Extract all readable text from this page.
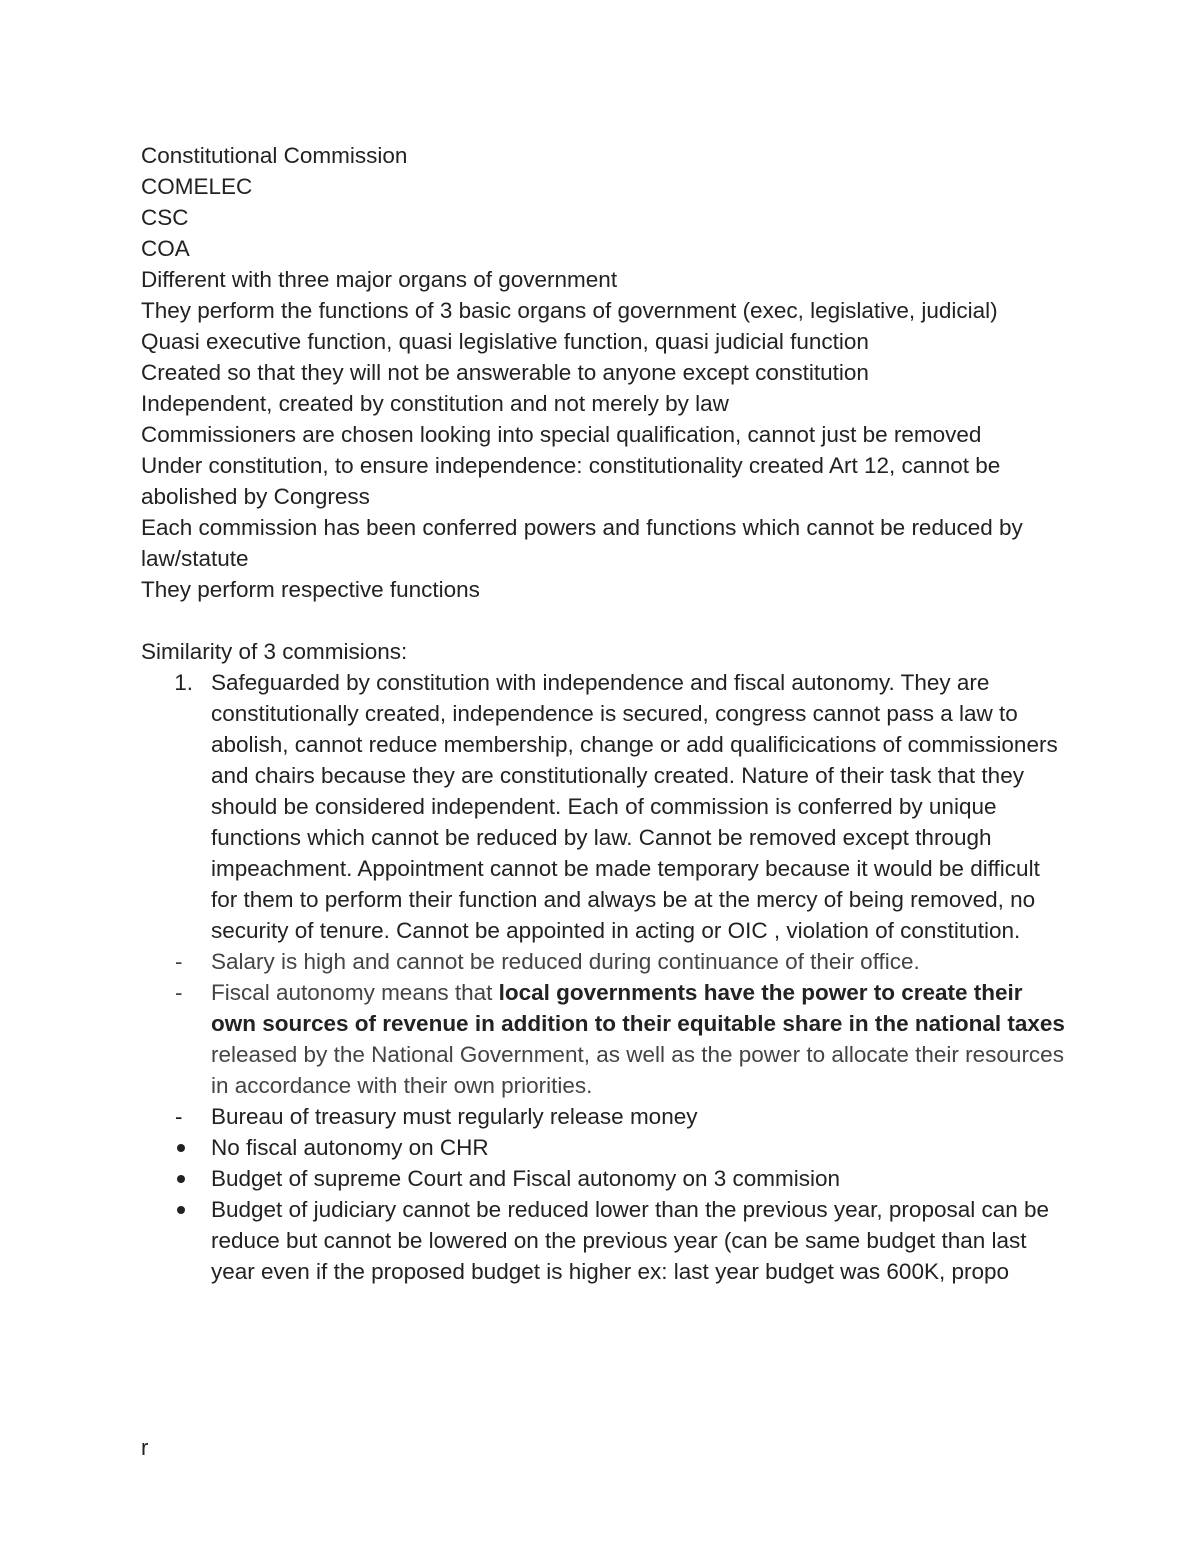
Constitutional Commission
COMELEC
CSC
COA
Different with three major organs of government
They perform the functions of 3 basic organs of government (exec, legislative, judicial)
Quasi executive function, quasi legislative function, quasi judicial function
Created so that they will not be answerable to anyone except constitution
Independent, created by constitution and not merely by law
Commissioners are chosen looking into special qualification, cannot just be removed
Under constitution, to ensure independence: constitutionality created Art 12, cannot be abolished by Congress
Each commission has been conferred powers and functions which cannot be reduced by law/statute
They perform respective functions
Similarity of 3 commisions:
1. Safeguarded by constitution with independence and fiscal autonomy. They are constitutionally created, independence is secured, congress cannot pass a law to abolish, cannot reduce membership, change or add qualificications of commissioners and chairs because they are constitutionally created. Nature of their task that they should be considered independent. Each of commission is conferred by unique functions which cannot be reduced by law. Cannot be removed except through impeachment. Appointment cannot be made temporary because it would be difficult for them to perform their function and always be at the mercy of being removed, no security of tenure. Cannot be appointed in acting or OIC , violation of constitution.
-	Salary is high and cannot be reduced during continuance of their office.
-	Fiscal autonomy means that local governments have the power to create their own sources of revenue in addition to their equitable share in the national taxes released by the National Government, as well as the power to allocate their resources in accordance with their own priorities.
-	Bureau of treasury must regularly release money
No fiscal autonomy on CHR
Budget of supreme Court and Fiscal autonomy on 3 commision
Budget of judiciary cannot be reduced lower than the previous year, proposal can be reduce but cannot be lowered on the previous year (can be same budget than last year even if the proposed budget is higher ex: last year budget was 600K, propo
r
